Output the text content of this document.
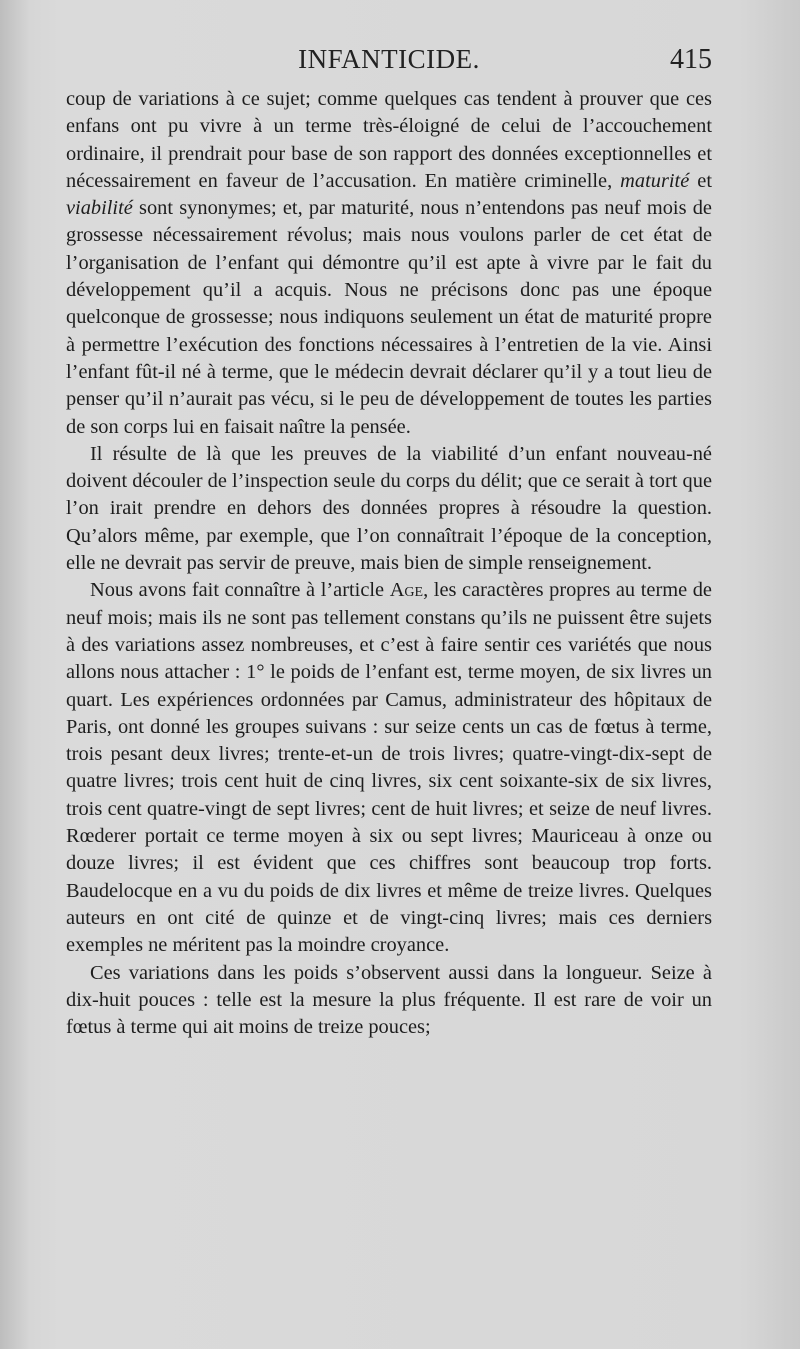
INFANTICIDE.	415

coup de variations à ce sujet; comme quelques cas tendent à prouver que ces enfans ont pu vivre à un terme très-éloigné de celui de l’accouchement ordinaire, il prendrait pour base de son rapport des données exceptionnelles et nécessairement en faveur de l’accusation. En matière criminelle, maturité et viabilité sont synonymes; et, par maturité, nous n’entendons pas neuf mois de grossesse nécessairement révolus; mais nous voulons parler de cet état de l’organisation de l’enfant qui démontre qu’il est apte à vivre par le fait du développement qu’il a acquis. Nous ne précisons donc pas une époque quelconque de grossesse; nous indiquons seulement un état de maturité propre à permettre l’exécution des fonctions nécessaires à l’entretien de la vie. Ainsi l’enfant fût-il né à terme, que le médecin devrait déclarer qu’il y a tout lieu de penser qu’il n’aurait pas vécu, si le peu de développement de toutes les parties de son corps lui en faisait naître la pensée.

Il résulte de là que les preuves de la viabilité d’un enfant nouveau-né doivent découler de l’inspection seule du corps du délit; que ce serait à tort que l’on irait prendre en dehors des données propres à résoudre la question. Qu’alors même, par exemple, que l’on connaîtrait l’époque de la conception, elle ne devrait pas servir de preuve, mais bien de simple renseignement.

Nous avons fait connaître à l’article Age, les caractères propres au terme de neuf mois; mais ils ne sont pas tellement constans qu’ils ne puissent être sujets à des variations assez nombreuses, et c’est à faire sentir ces variétés que nous allons nous attacher : 1° le poids de l’enfant est, terme moyen, de six livres un quart. Les expériences ordonnées par Camus, administrateur des hôpitaux de Paris, ont donné les groupes suivans : sur seize cents un cas de fœtus à terme, trois pesant deux livres; trente-et-un de trois livres; quatre-vingt-dix-sept de quatre livres; trois cent huit de cinq livres, six cent soixante-six de six livres, trois cent quatre-vingt de sept livres; cent de huit livres; et seize de neuf livres. Rœderer portait ce terme moyen à six ou sept livres; Mauriceau à onze ou douze livres; il est évident que ces chiffres sont beaucoup trop forts. Baudelocque en a vu du poids de dix livres et même de treize livres. Quelques auteurs en ont cité de quinze et de vingt-cinq livres; mais ces derniers exemples ne méritent pas la moindre croyance.

Ces variations dans les poids s’observent aussi dans la longueur. Seize à dix-huit pouces : telle est la mesure la plus fréquente. Il est rare de voir un fœtus à terme qui ait moins de treize pouces;
